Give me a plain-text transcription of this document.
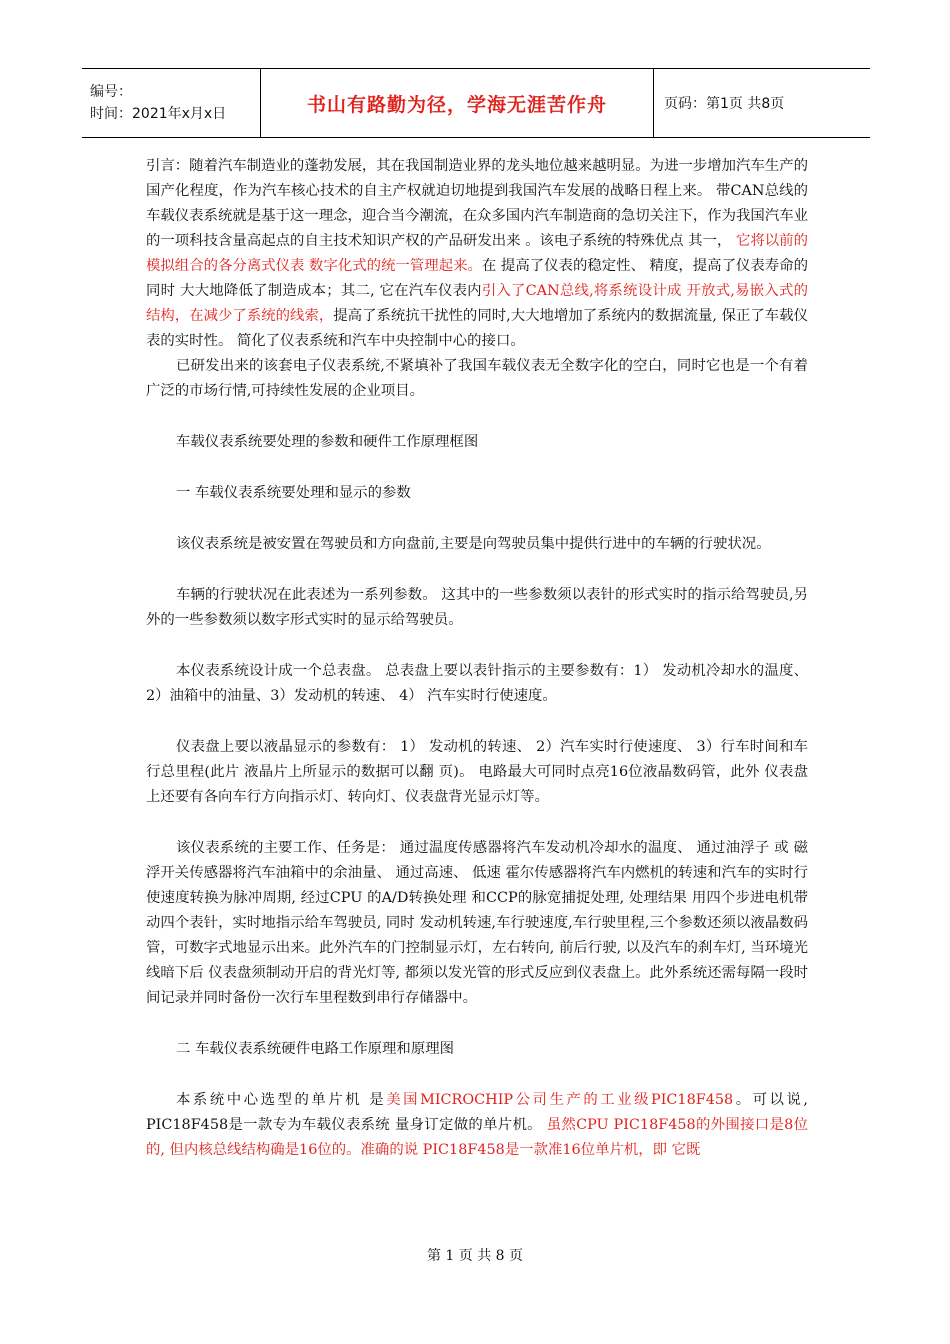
编号：
时间：2021年x月x日	书山有路勤为径，学海无涯苦作舟	页码：第1页 共8页

引言：随着汽车制造业的蓬勃发展，其在我国制造业界的龙头地位越来越明显。为进一步增加汽车生产的国产化程度，作为汽车核心技术的自主产权就迫切地提到我国汽车发展的战略日程上来。 带CAN总线的车载仪表系统就是基于这一理念，迎合当今潮流，在众多国内汽车制造商的急切关注下，作为我国汽车业的一项科技含量高起点的自主技术知识产权的产品研发出来 。该电子系统的特殊优点 其一， 它将以前的模拟组合的各分离式仪表 数字化式的统一管理起来。在 提高了仪表的稳定性、 精度，提高了仪表寿命的同时 大大地降低了制造成本；其二, 它在汽车仪表内引入了CAN总线,将系统设计成 开放式,易嵌入式的结构，在减少了系统的线索，提高了系统抗干扰性的同时,大大地增加了系统内的数据流量, 保正了车载仪表的实时性。 简化了仪表系统和汽车中央控制中心的接口。

已研发出来的该套电子仪表系统,不紧填补了我国车载仪表无全数字化的空白，同时它也是一个有着广泛的市场行情,可持续性发展的企业项目。

车载仪表系统要处理的参数和硬件工作原理框图

一 车载仪表系统要处理和显示的参数

该仪表系统是被安置在驾驶员和方向盘前,主要是向驾驶员集中提供行进中的车辆的行驶状况。

车辆的行驶状况在此表述为一系列参数。 这其中的一些参数须以表针的形式实时的指示给驾驶员,另外的一些参数须以数字形式实时的显示给驾驶员。

本仪表系统设计成一个总表盘。 总表盘上要以表针指示的主要参数有：1） 发动机冷却水的温度、2）油箱中的油量、3）发动机的转速、 4） 汽车实时行使速度。

仪表盘上要以液晶显示的参数有： 1） 发动机的转速、 2）汽车实时行使速度、 3）行车时间和车行总里程(此片 液晶片上所显示的数据可以翻 页)。 电路最大可同时点亮16位液晶数码管，此外 仪表盘上还要有各向车行方向指示灯、转向灯、仪表盘背光显示灯等。

该仪表系统的主要工作、任务是： 通过温度传感器将汽车发动机冷却水的温度、 通过油浮子 或 磁浮开关传感器将汽车油箱中的余油量、 通过高速、 低速 霍尔传感器将汽车内燃机的转速和汽车的实时行使速度转换为脉冲周期, 经过CPU 的A/D转换处理 和CCP的脉宽捕捉处理, 处理结果 用四个步进电机带动四个表针，实时地指示给车驾驶员, 同时 发动机转速,车行驶速度,车行驶里程,三个参数还须以液晶数码管，可数字式地显示出来。此外汽车的门控制显示灯，左右转向, 前后行驶, 以及汽车的刹车灯, 当环境光线暗下后 仪表盘须制动开启的背光灯等, 都须以发光管的形式反应到仪表盘上。此外系统还需每隔一段时间记录并同时备份一次行车里程数到串行存储器中。

二 车载仪表系统硬件电路工作原理和原理图

本系统中心选型的单片机 是美国MICROCHIP公司生产的工业级PIC18F458。可以说, PIC18F458是一款专为车载仪表系统 量身订定做的单片机。 虽然CPU PIC18F458的外围接口是8位的, 但内核总线结构确是16位的。准确的说 PIC18F458是一款准16位单片机，即 它既

第 1 页 共 8 页
